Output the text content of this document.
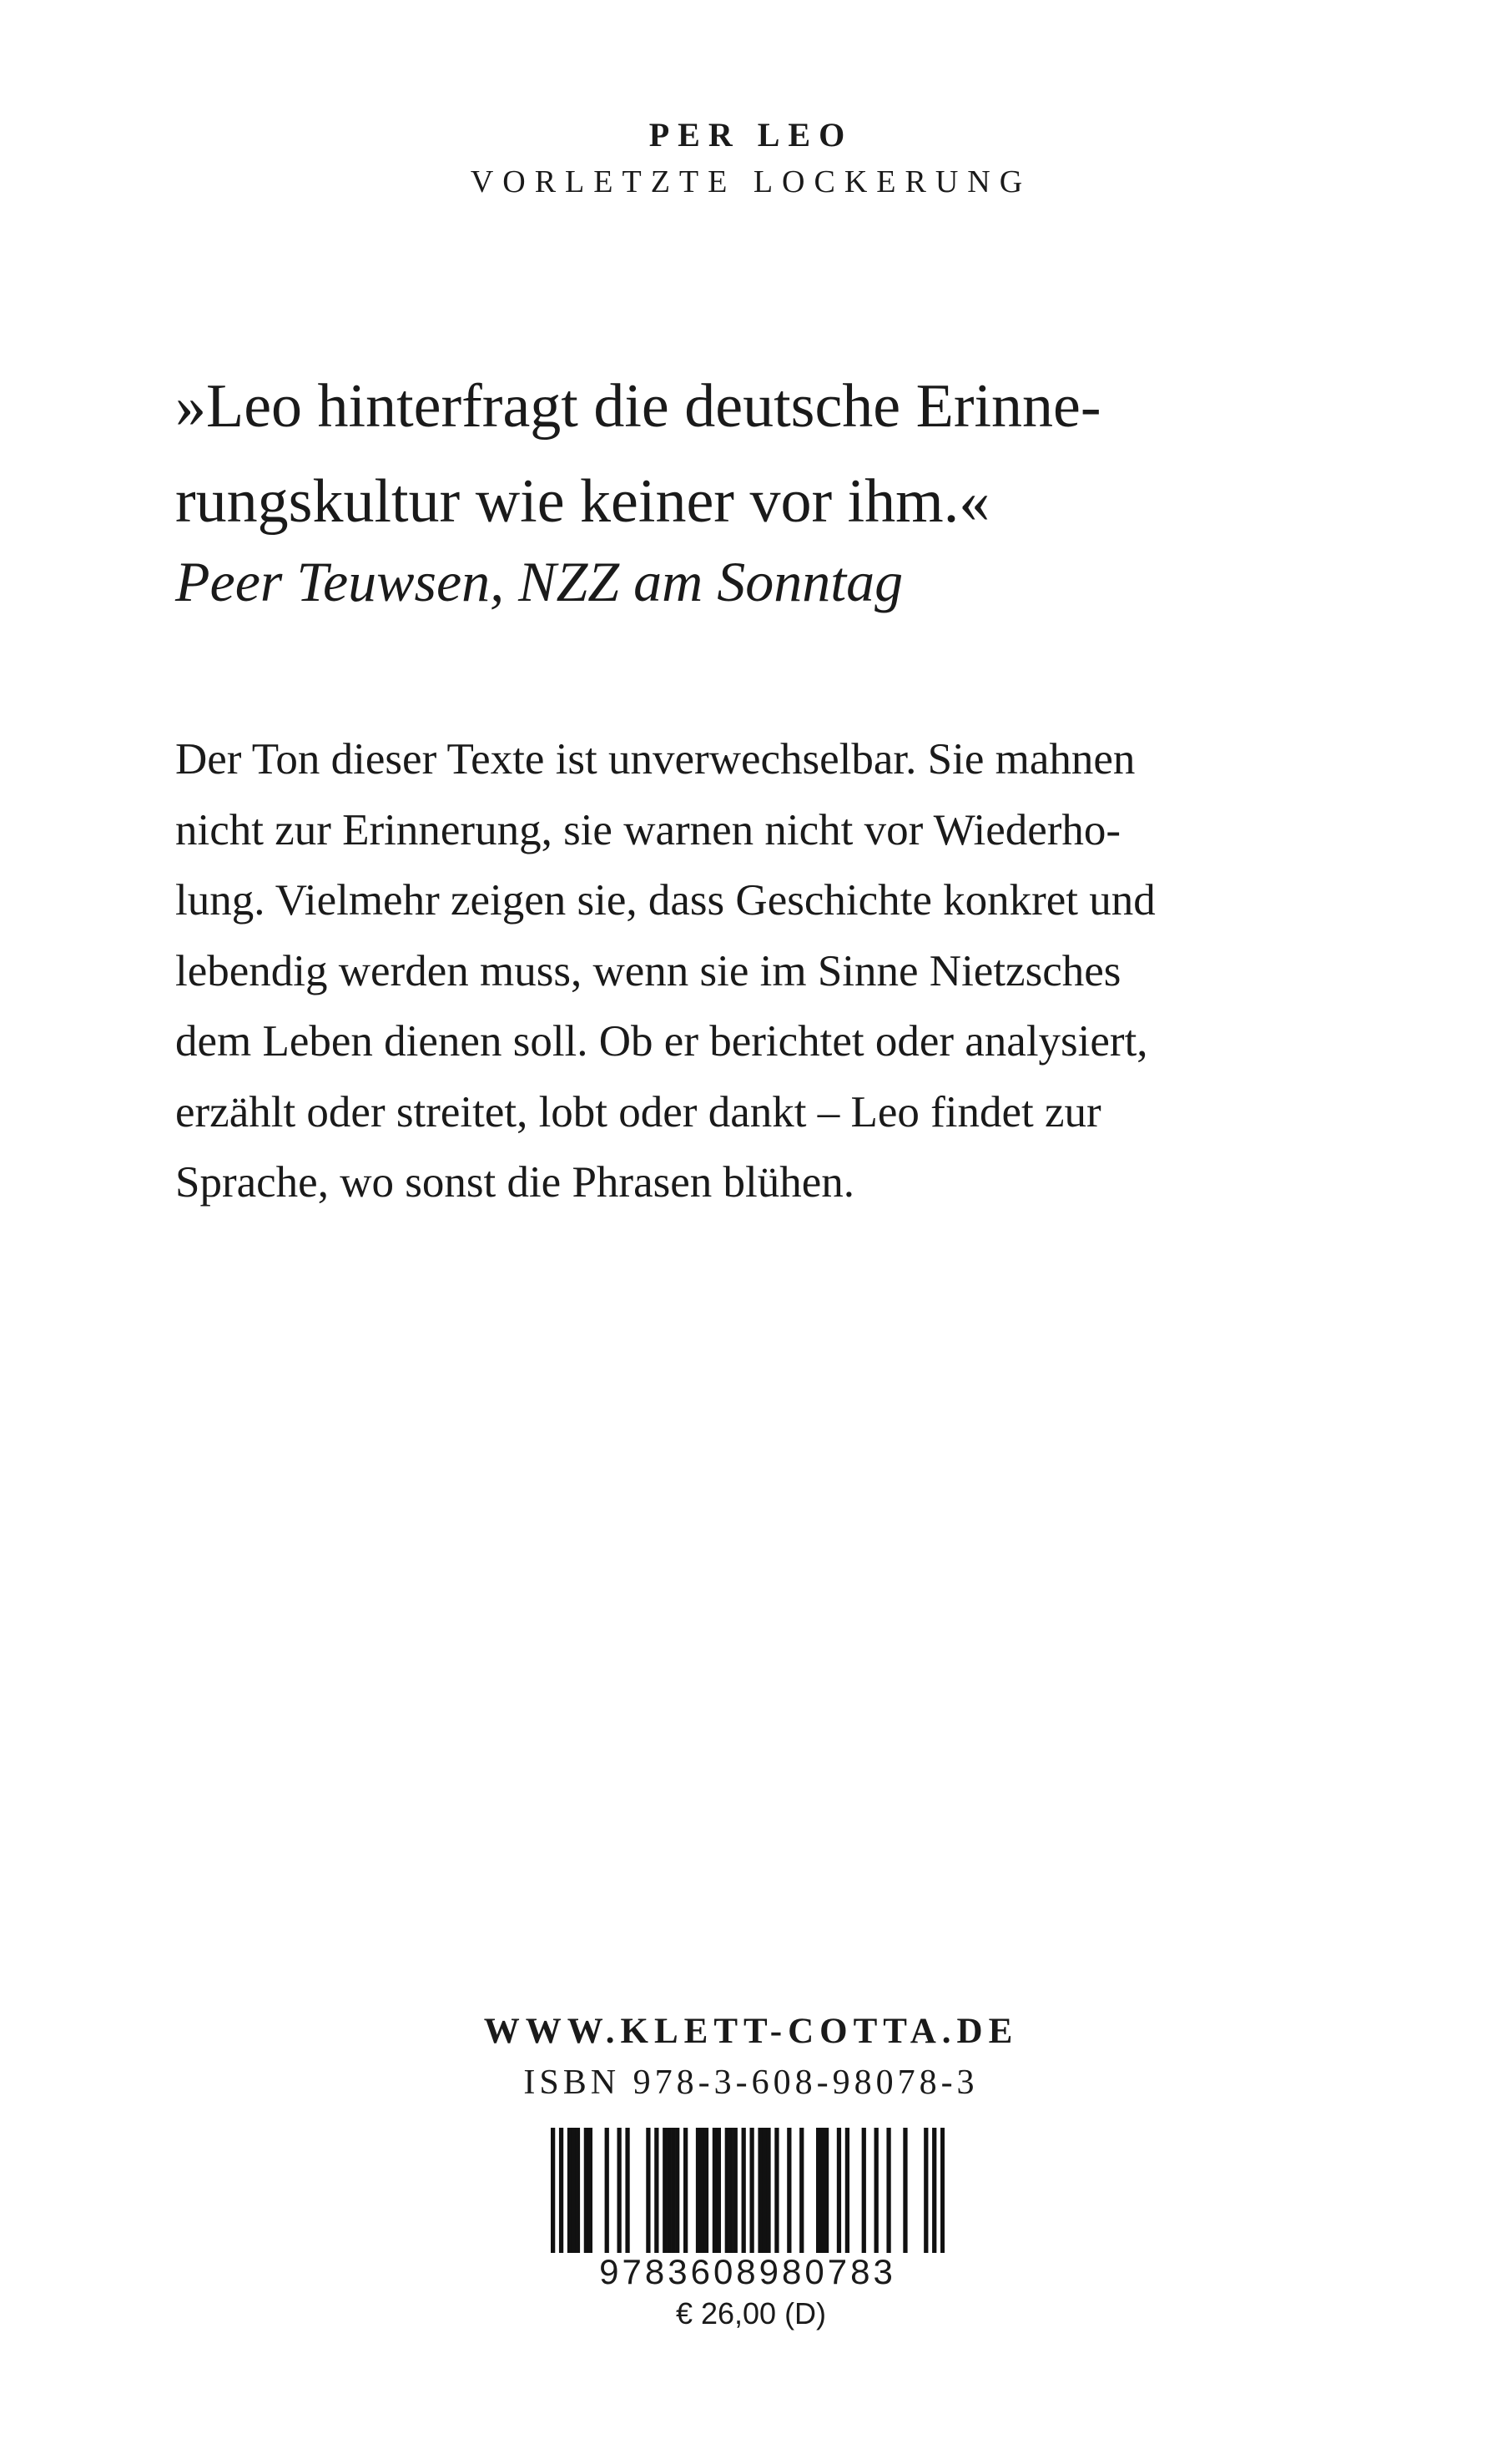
PER LEO
VORLETZTE LOCKERUNG
»Leo hinterfragt die deutsche Erinne-
rungskultur wie keiner vor ihm.«
Peer Teuwsen, NZZ am Sonntag
Der Ton dieser Texte ist unverwechselbar. Sie mahnen
nicht zur Erinnerung, sie warnen nicht vor Wiederho-
lung. Vielmehr zeigen sie, dass Geschichte konkret und
lebendig werden muss, wenn sie im Sinne Nietzsches
dem Leben dienen soll. Ob er berichtet oder analysiert,
erzählt oder streitet, lobt oder dankt – Leo findet zur
Sprache, wo sonst die Phrasen blühen.
WWW.KLETT-COTTA.DE
ISBN 978-3-608-98078-3
9783608980783
€ 26,00 (D)
